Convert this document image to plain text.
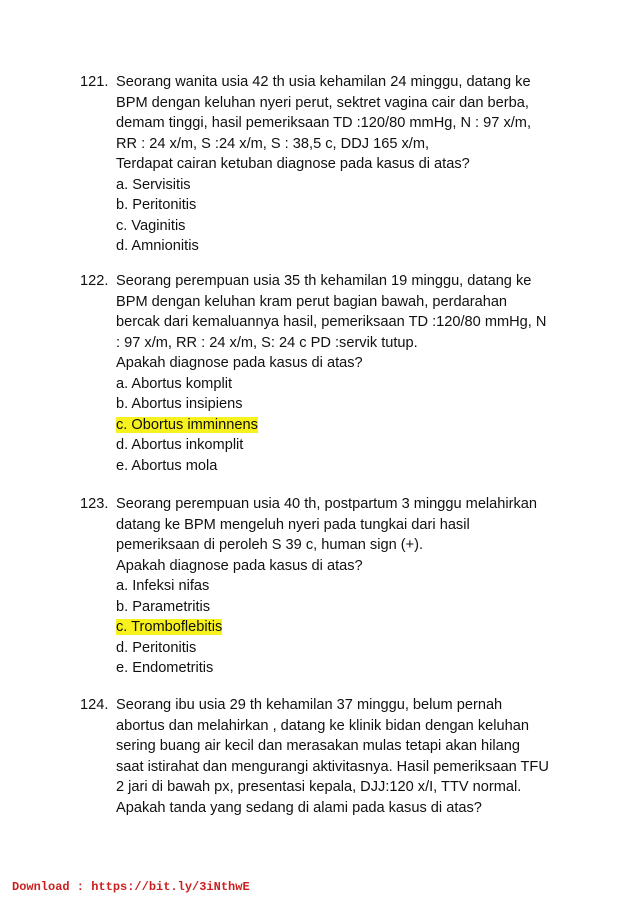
121. Seorang wanita usia 42 th usia kehamilan 24 minggu, datang ke
BPM dengan keluhan nyeri perut, sektret vagina cair dan berba,
demam tinggi, hasil pemeriksaan TD :120/80 mmHg, N : 97 x/m,
RR : 24 x/m, S :24 x/m, S : 38,5 c, DDJ 165 x/m,
Terdapat cairan ketuban diagnose pada kasus di atas?
a. Servisitis
b. Peritonitis
c. Vaginitis
d. Amnionitis
122. Seorang perempuan usia 35 th kehamilan 19 minggu, datang ke
BPM dengan keluhan kram perut bagian bawah, perdarahan
bercak dari kemaluannya hasil, pemeriksaan TD :120/80 mmHg, N
: 97 x/m, RR : 24 x/m, S: 24 c PD :servik tutup.
Apakah diagnose pada kasus di atas?
a. Abortus komplit
b. Abortus insipiens
c. Obortus imminnens
d. Abortus inkomplit
e. Abortus mola
123. Seorang perempuan usia 40 th, postpartum 3 minggu melahirkan
datang ke BPM mengeluh nyeri pada tungkai dari hasil
pemeriksaan di peroleh S 39 c, human sign (+).
Apakah diagnose pada kasus di atas?
a. Infeksi nifas
b. Parametritis
c. Tromboflebitis
d. Peritonitis
e. Endometritis
124. Seorang ibu usia 29 th kehamilan 37 minggu, belum pernah
abortus dan melahirkan , datang ke klinik bidan dengan keluhan
sering buang air kecil dan merasakan mulas tetapi akan hilang
saat istirahat dan mengurangi aktivitasnya. Hasil pemeriksaan TFU
2 jari di bawah px, presentasi kepala, DJJ:120 x/I, TTV normal.
Apakah tanda yang sedang di alami pada kasus di atas?
Download : https://bit.ly/3iNthwE
